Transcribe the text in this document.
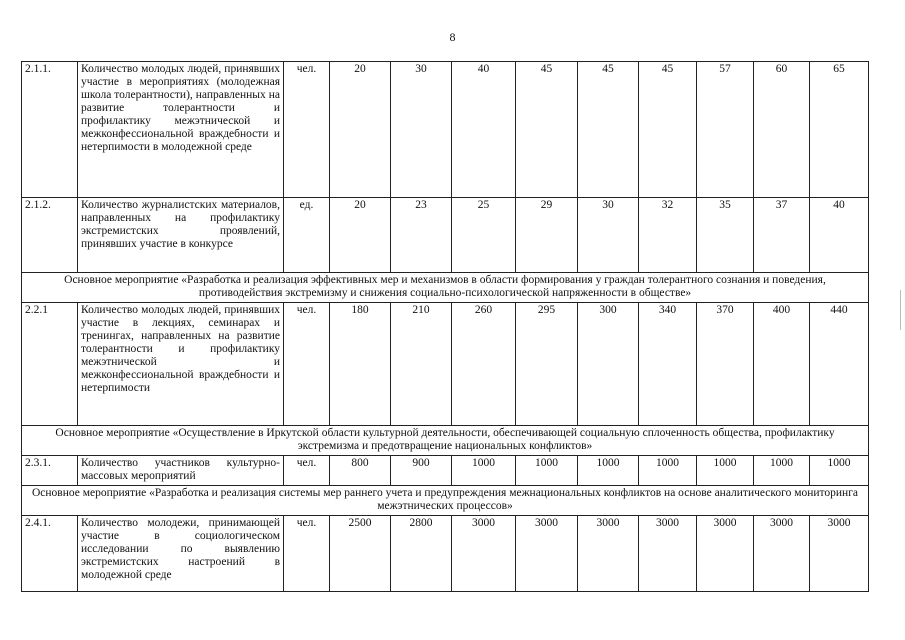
8
2.1.1.	Количество молодых людей, принявших участие в мероприятиях (молодежная школа толерантности), направленных на развитие толерантности и профилактику межэтнической и межконфессиональной враждебности и нетерпимости в молодежной среде	чел.	20	30	40	45	45	45	57	60	65
2.1.2.	Количество журналистских материалов, направленных на профилактику экстремистских проявлений, принявших участие в конкурсе	ед.	20	23	25	29	30	32	35	37	40
Основное мероприятие «Разработка и реализация эффективных мер и механизмов в области формирования у граждан толерантного сознания и поведения, противодействия экстремизму и снижения социально-психологической напряженности в обществе»											
2.2.1	Количество молодых людей, принявших участие в лекциях, семинарах и тренингах, направленных на развитие толерантности и профилактику межэтнической и межконфессиональной враждебности и нетерпимости	чел.	180	210	260	295	300	340	370	400	440
Основное мероприятие «Осуществление в Иркутской области культурной деятельности, обеспечивающей социальную сплоченность общества, профилактику экстремизма и предотвращение национальных конфликтов»											
2.3.1.	Количество участников культурно-массовых мероприятий	чел.	800	900	1000	1000	1000	1000	1000	1000	1000
Основное мероприятие «Разработка и реализация системы мер раннего учета и предупреждения межнациональных конфликтов на основе аналитического мониторинга межэтнических процессов»											
2.4.1.	Количество молодежи, принимающей участие в социологическом исследовании по выявлению экстремистских настроений в молодежной среде	чел.	2500	2800	3000	3000	3000	3000	3000	3000	3000
